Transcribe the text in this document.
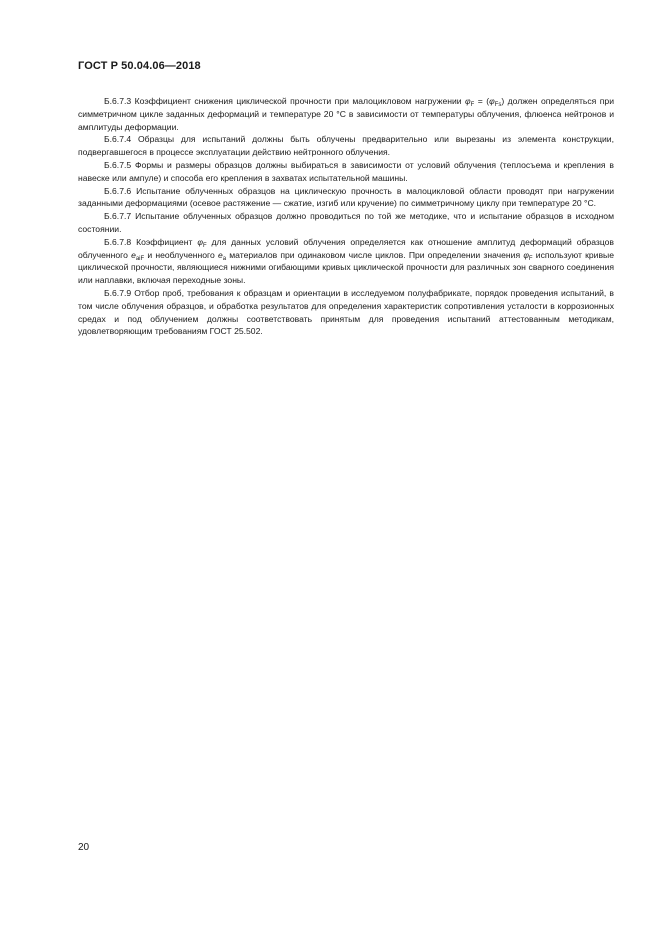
ГОСТ Р 50.04.06—2018

Б.6.7.3 Коэффициент снижения циклической прочности при малоцикловом нагружении $\varphi_F = (\varphi_{Fs})$ должен определяться при симметричном цикле заданных деформаций и температуре 20 °С в зависимости от температуры облучения, флюенса нейтронов и амплитуды деформации.

Б.6.7.4 Образцы для испытаний должны быть облучены предварительно или вырезаны из элемента конструкции, подвергавшегося в процессе эксплуатации действию нейтронного облучения.

Б.6.7.5 Формы и размеры образцов должны выбираться в зависимости от условий облучения (теплосъема и крепления в навеске или ампуле) и способа его крепления в захватах испытательной машины.

Б.6.7.6 Испытание облученных образцов на циклическую прочность в малоцикловой области проводят при нагружении заданными деформациями (осевое растяжение — сжатие, изгиб или кручение) по симметричному циклу при температуре 20 °С.

Б.6.7.7 Испытание облученных образцов должно проводиться по той же методике, что и испытание образцов в исходном состоянии.

Б.6.7.8 Коэффициент $\varphi_F$ для данных условий облучения определяется как отношение амплитуд деформаций образцов облученного $e_{aiF}$ и необлученного $e_a$ материалов при одинаковом числе циклов. При определении значения $\varphi_F$ используют кривые циклической прочности, являющиеся нижними огибающими кривых циклической прочности для различных зон сварного соединения или наплавки, включая переходные зоны.

Б.6.7.9 Отбор проб, требования к образцам и ориентации в исследуемом полуфабрикате, порядок проведения испытаний, в том числе облучения образцов, и обработка результатов для определения характеристик сопротивления усталости в коррозионных средах и под облучением должны соответствовать принятым для проведения испытаний аттестованным методикам, удовлетворяющим требованиям ГОСТ 25.502.

20
